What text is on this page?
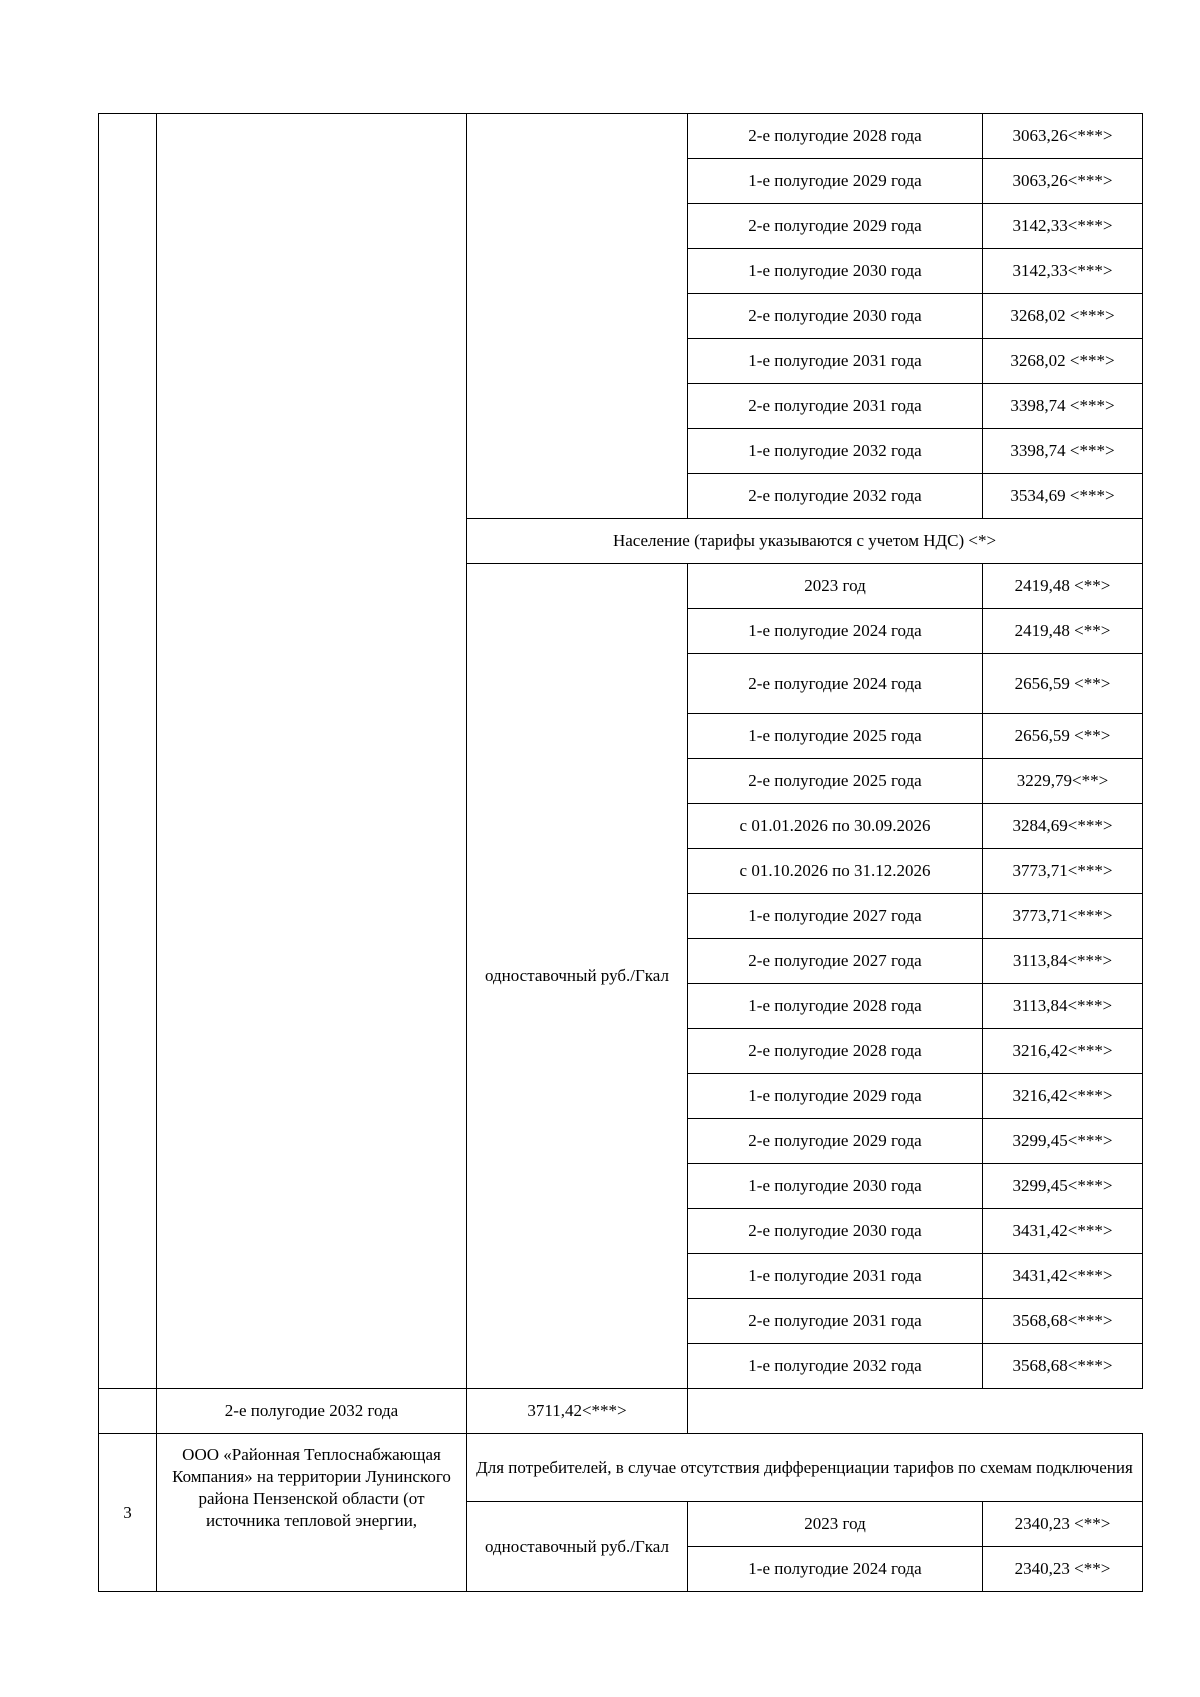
			2-е полугодие 2028 года	3063,26<***>
			1-е полугодие 2029 года	3063,26<***>
			2-е полугодие 2029 года	3142,33<***>
			1-е полугодие 2030 года	3142,33<***>
			2-е полугодие 2030 года	3268,02 <***>
			1-е полугодие 2031 года	3268,02 <***>
			2-е полугодие 2031 года	3398,74 <***>
			1-е полугодие 2032 года	3398,74 <***>
			2-е полугодие 2032 года	3534,69 <***>
		Население (тарифы указываются с учетом НДС) <*>		
		одноставочный руб./Гкал	2023 год	2419,48 <**>
			1-е полугодие 2024 года	2419,48 <**>
			2-е полугодие 2024 года	2656,59 <**>
			1-е полугодие 2025 года	2656,59 <**>
			2-е полугодие 2025 года	3229,79<**>
			с 01.01.2026 по 30.09.2026	3284,69<***>
			с 01.10.2026 по 31.12.2026	3773,71<***>
			1-е полугодие 2027 года	3773,71<***>
			2-е полугодие 2027 года	3113,84<***>
			1-е полугодие 2028 года	3113,84<***>
			2-е полугодие 2028 года	3216,42<***>
			1-е полугодие 2029 года	3216,42<***>
			2-е полугодие 2029 года	3299,45<***>
			1-е полугодие 2030 года	3299,45<***>
			2-е полугодие 2030 года	3431,42<***>
			1-е полугодие 2031 года	3431,42<***>
			2-е полугодие 2031 года	3568,68<***>
			1-е полугодие 2032 года	3568,68<***>
	2-е полугодие 2032 года	3711,42<***>		
3	ООО «Районная Теплоснабжающая Компания» на территории Лунинского района Пензенской области (от источника тепловой энергии,	Для потребителей, в случае отсутствия дифференциации тарифов по схемам подключения		
		одноставочный руб./Гкал	2023 год	2340,23 <**>
			1-е полугодие 2024 года	2340,23 <**>
